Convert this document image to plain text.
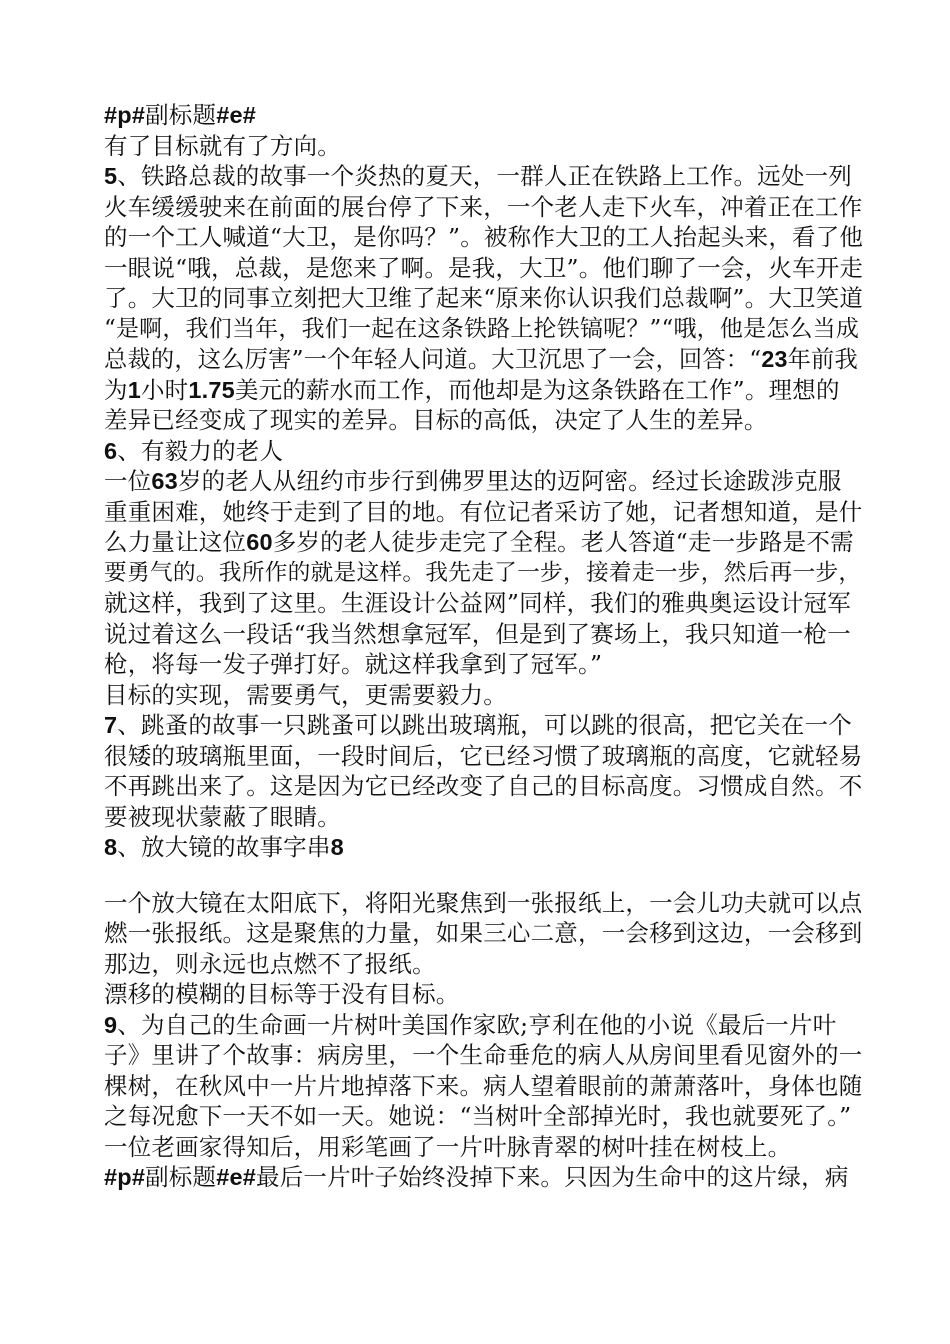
#p#副标题#e#
有了目标就有了方向。
5、铁路总裁的故事一个炎热的夏天，一群人正在铁路上工作。远处一列
火车缓缓驶来在前面的展台停了下来，一个老人走下火车，冲着正在工作
的一个工人喊道“大卫，是你吗？”。被称作大卫的工人抬起头来，看了他
一眼说“哦，总裁，是您来了啊。是我，大卫”。他们聊了一会，火车开走
了。大卫的同事立刻把大卫维了起来“原来你认识我们总裁啊”。大卫笑道
“是啊，我们当年，我们一起在这条铁路上抡铁镐呢？”“哦，他是怎么当成
总裁的，这么厉害”一个年轻人问道。大卫沉思了一会，回答：“23年前我
为1小时1.75美元的薪水而工作，而他却是为这条铁路在工作”。理想的
差异已经变成了现实的差异。目标的高低，决定了人生的差异。
6、有毅力的老人
一位63岁的老人从纽约市步行到佛罗里达的迈阿密。经过长途跋涉克服
重重困难，她终于走到了目的地。有位记者采访了她，记者想知道，是什
么力量让这位60多岁的老人徒步走完了全程。老人答道“走一步路是不需
要勇气的。我所作的就是这样。我先走了一步，接着走一步，然后再一步，
就这样，我到了这里。生涯设计公益网”同样，我们的雅典奥运设计冠军
说过着这么一段话“我当然想拿冠军，但是到了赛场上，我只知道一枪一
枪，将每一发子弹打好。就这样我拿到了冠军。”
目标的实现，需要勇气，更需要毅力。
7、跳蚤的故事一只跳蚤可以跳出玻璃瓶，可以跳的很高，把它关在一个
很矮的玻璃瓶里面，一段时间后，它已经习惯了玻璃瓶的高度，它就轻易
不再跳出来了。这是因为它已经改变了自己的目标高度。习惯成自然。不
要被现状蒙蔽了眼睛。
8、放大镜的故事字串8
一个放大镜在太阳底下，将阳光聚焦到一张报纸上，一会儿功夫就可以点
燃一张报纸。这是聚焦的力量，如果三心二意，一会移到这边，一会移到
那边，则永远也点燃不了报纸。
漂移的模糊的目标等于没有目标。
9、为自己的生命画一片树叶美国作家欧;亨利在他的小说《最后一片叶
子》里讲了个故事：病房里，一个生命垂危的病人从房间里看见窗外的一
棵树，在秋风中一片片地掉落下来。病人望着眼前的萧萧落叶，身体也随
之每况愈下一天不如一天。她说：“当树叶全部掉光时，我也就要死了。”
一位老画家得知后，用彩笔画了一片叶脉青翠的树叶挂在树枝上。
#p#副标题#e#最后一片叶子始终没掉下来。只因为生命中的这片绿，病
